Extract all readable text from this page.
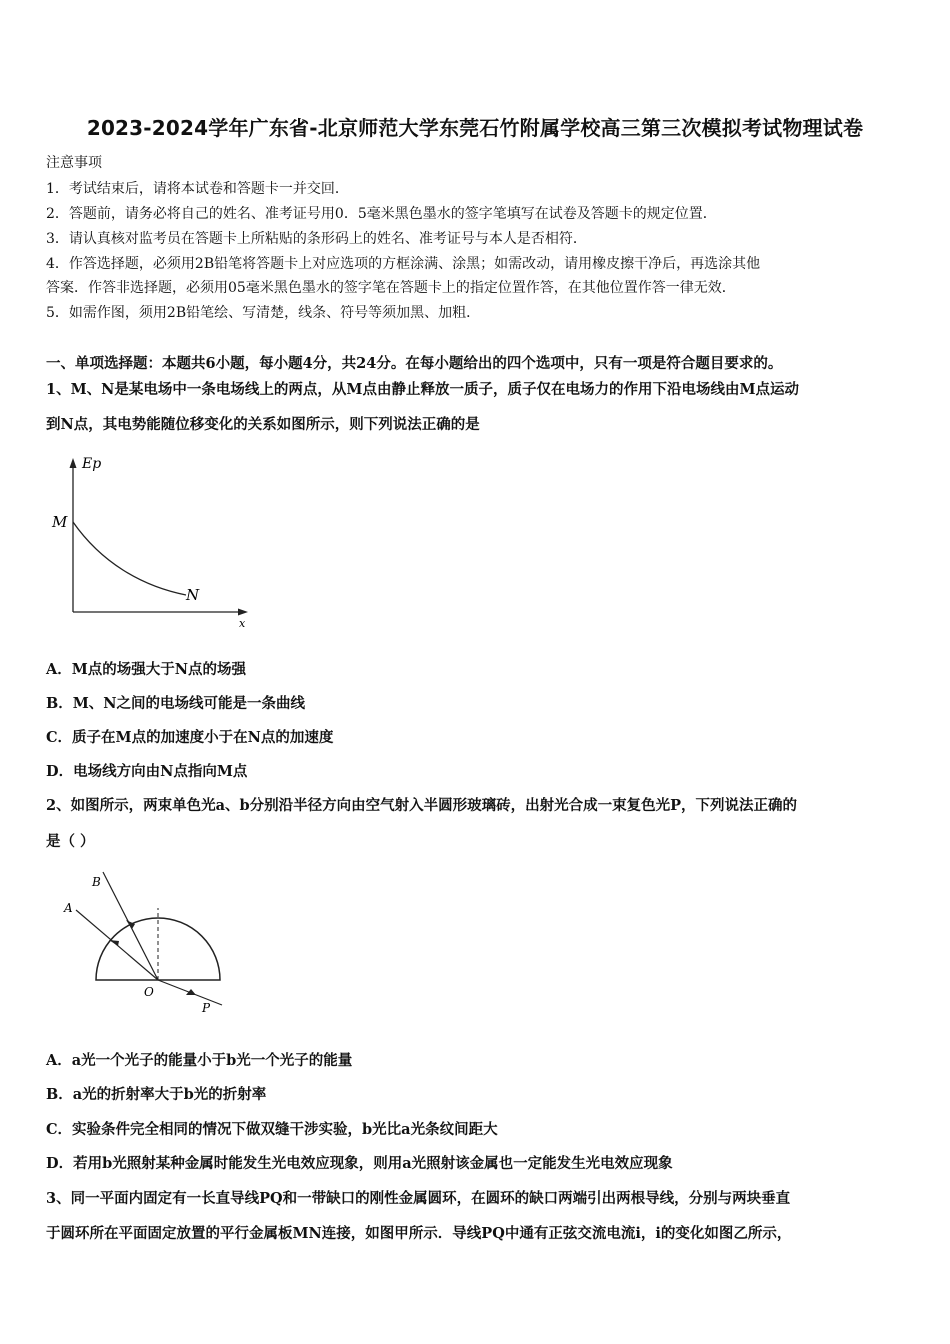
2023-2024学年广东省-北京师范大学东莞石竹附属学校高三第三次模拟考试物理试卷
注意事项
1．考试结束后，请将本试卷和答题卡一并交回．
2．答题前，请务必将自己的姓名、准考证号用0．5毫米黑色墨水的签字笔填写在试卷及答题卡的规定位置．
3．请认真核对监考员在答题卡上所粘贴的条形码上的姓名、准考证号与本人是否相符．
4．作答选择题，必须用2B铅笔将答题卡上对应选项的方框涂满、涂黑；如需改动，请用橡皮擦干净后，再选涂其他
答案．作答非选择题，必须用05毫米黑色墨水的签字笔在答题卡上的指定位置作答，在其他位置作答一律无效．
5．如需作图，须用2B铅笔绘、写清楚，线条、符号等须加黑、加粗．
一、单项选择题：本题共6小题，每小题4分，共24分。在每小题给出的四个选项中，只有一项是符合题目要求的。
1、M、N是某电场中一条电场线上的两点，从M点由静止释放一质子，质子仅在电场力的作用下沿电场线由M点运动
到N点，其电势能随位移变化的关系如图所示，则下列说法正确的是
Ep
x
M
N
A．M点的场强大于N点的场强
B．M、N之间的电场线可能是一条曲线
C．质子在M点的加速度小于在N点的加速度
D．电场线方向由N点指向M点
2、如图所示，两束单色光a、b分别沿半径方向由空气射入半圆形玻璃砖，出射光合成一束复色光P，下列说法正确的
是（ ）
B
A
O
P
A．a光一个光子的能量小于b光一个光子的能量
B．a光的折射率大于b光的折射率
C．实验条件完全相同的情况下做双缝干涉实验，b光比a光条纹间距大
D．若用b光照射某种金属时能发生光电效应现象，则用a光照射该金属也一定能发生光电效应现象
3、同一平面内固定有一长直导线PQ和一带缺口的刚性金属圆环，在圆环的缺口两端引出两根导线，分别与两块垂直
于圆环所在平面固定放置的平行金属板MN连接，如图甲所示．导线PQ中通有正弦交流电流i，i的变化如图乙所示，
